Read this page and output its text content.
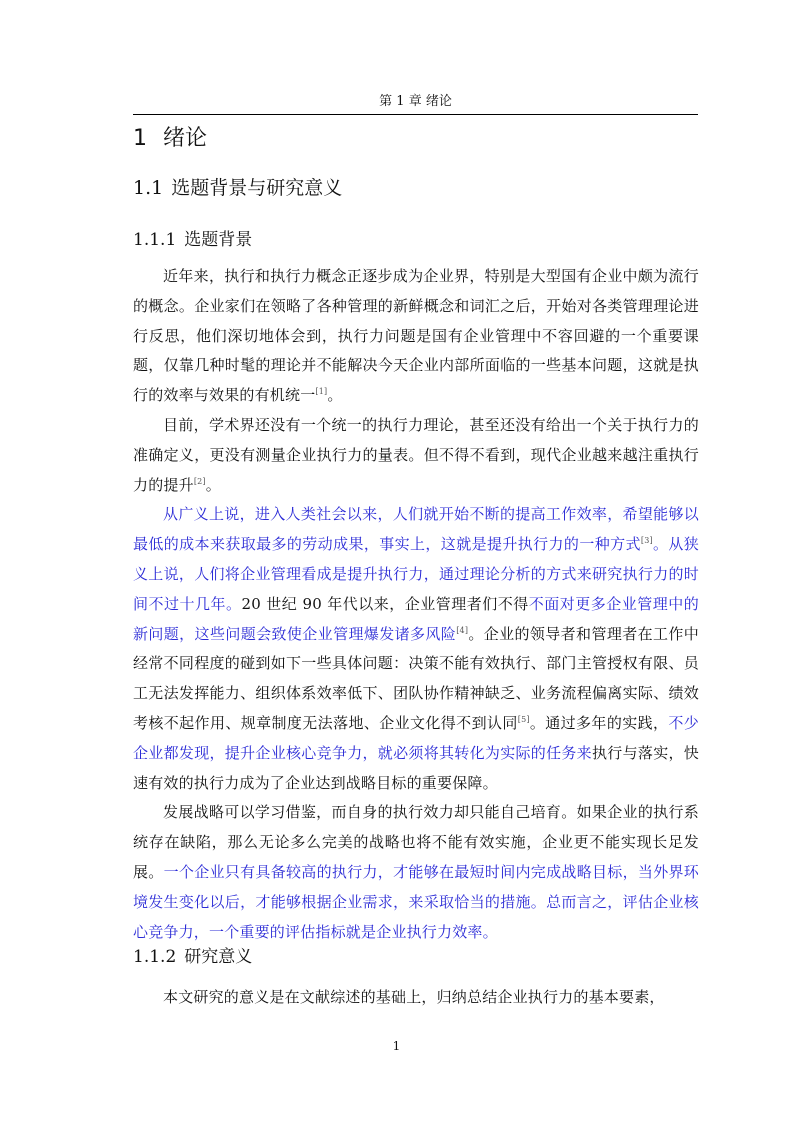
第 1 章 绪论
1 绪论
1.1 选题背景与研究意义
1.1.1 选题背景

近年来，执行和执行力概念正逐步成为企业界，特别是大型国有企业中颇为流行的概念。企业家们在领略了各种管理的新鲜概念和词汇之后，开始对各类管理理论进行反思，他们深切地体会到，执行力问题是国有企业管理中不容回避的一个重要课题，仅靠几种时髦的理论并不能解决今天企业内部所面临的一些基本问题，这就是执行的效率与效果的有机统一[1]。

目前，学术界还没有一个统一的执行力理论，甚至还没有给出一个关于执行力的准确定义，更没有测量企业执行力的量表。但不得不看到，现代企业越来越注重执行力的提升[2]。

从广义上说，进入人类社会以来，人们就开始不断的提高工作效率，希望能够以最低的成本来获取最多的劳动成果，事实上，这就是提升执行力的一种方式[3]。从狭义上说，人们将企业管理看成是提升执行力，通过理论分析的方式来研究执行力的时间不过十几年。20 世纪 90 年代以来，企业管理者们不得不面对更多企业管理中的新问题，这些问题会致使企业管理爆发诸多风险[4]。企业的领导者和管理者在工作中经常不同程度的碰到如下一些具体问题：决策不能有效执行、部门主管授权有限、员工无法发挥能力、组织体系效率低下、团队协作精神缺乏、业务流程偏离实际、绩效考核不起作用、规章制度无法落地、企业文化得不到认同[5]。通过多年的实践，不少企业都发现，提升企业核心竞争力，就必须将其转化为实际的任务来执行与落实，快速有效的执行力成为了企业达到战略目标的重要保障。

发展战略可以学习借鉴，而自身的执行效力却只能自己培育。如果企业的执行系统存在缺陷，那么无论多么完美的战略也将不能有效实施，企业更不能实现长足发展。一个企业只有具备较高的执行力，才能够在最短时间内完成战略目标，当外界环境发生变化以后，才能够根据企业需求，来采取恰当的措施。总而言之，评估企业核心竞争力，一个重要的评估指标就是企业执行力效率。

1.1.2 研究意义

本文研究的意义是在文献综述的基础上，归纳总结企业执行力的基本要素，

1
